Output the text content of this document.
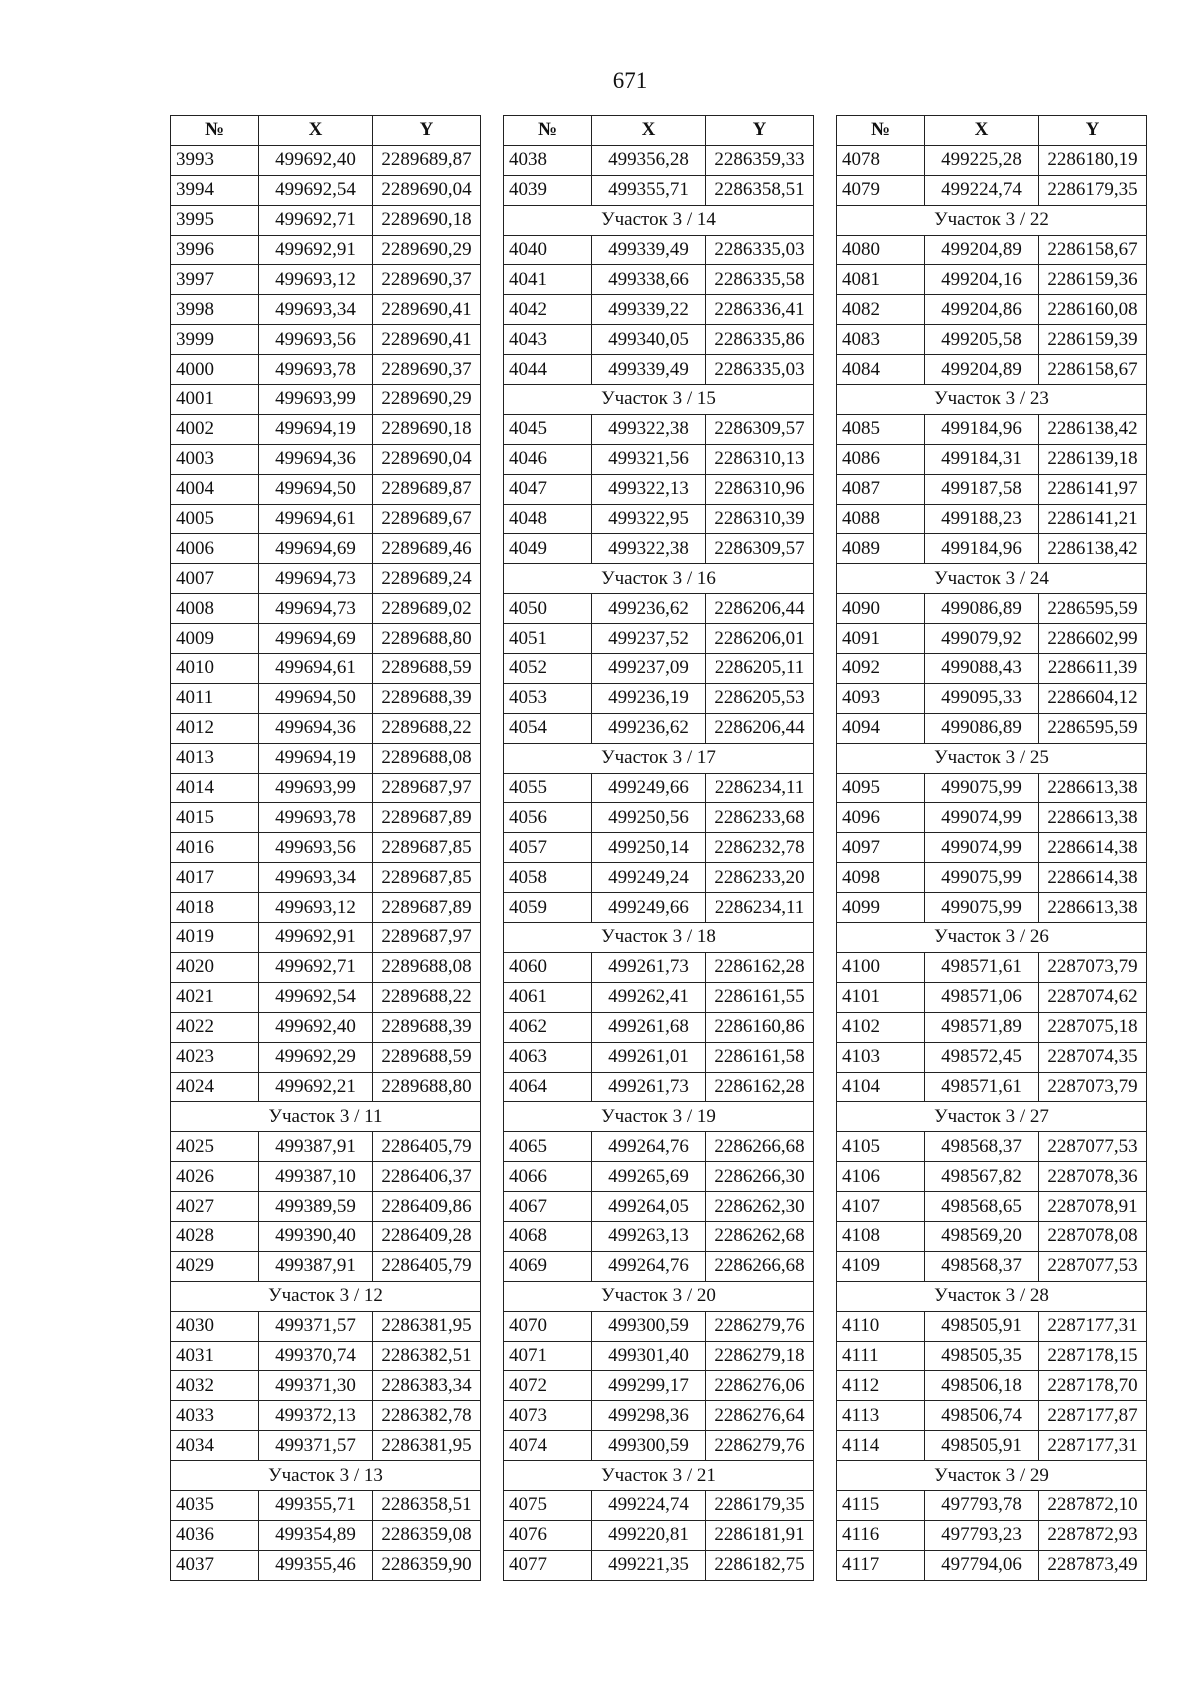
671
№	X	Y
3993	499692,40	2289689,87
3994	499692,54	2289690,04
3995	499692,71	2289690,18
3996	499692,91	2289690,29
3997	499693,12	2289690,37
3998	499693,34	2289690,41
3999	499693,56	2289690,41
4000	499693,78	2289690,37
4001	499693,99	2289690,29
4002	499694,19	2289690,18
4003	499694,36	2289690,04
4004	499694,50	2289689,87
4005	499694,61	2289689,67
4006	499694,69	2289689,46
4007	499694,73	2289689,24
4008	499694,73	2289689,02
4009	499694,69	2289688,80
4010	499694,61	2289688,59
4011	499694,50	2289688,39
4012	499694,36	2289688,22
4013	499694,19	2289688,08
4014	499693,99	2289687,97
4015	499693,78	2289687,89
4016	499693,56	2289687,85
4017	499693,34	2289687,85
4018	499693,12	2289687,89
4019	499692,91	2289687,97
4020	499692,71	2289688,08
4021	499692,54	2289688,22
4022	499692,40	2289688,39
4023	499692,29	2289688,59
4024	499692,21	2289688,80
Участок 3 / 11		
4025	499387,91	2286405,79
4026	499387,10	2286406,37
4027	499389,59	2286409,86
4028	499390,40	2286409,28
4029	499387,91	2286405,79
Участок 3 / 12		
4030	499371,57	2286381,95
4031	499370,74	2286382,51
4032	499371,30	2286383,34
4033	499372,13	2286382,78
4034	499371,57	2286381,95
Участок 3 / 13		
4035	499355,71	2286358,51
4036	499354,89	2286359,08
4037	499355,46	2286359,90
№	X	Y
4038	499356,28	2286359,33
4039	499355,71	2286358,51
Участок 3 / 14		
4040	499339,49	2286335,03
4041	499338,66	2286335,58
4042	499339,22	2286336,41
4043	499340,05	2286335,86
4044	499339,49	2286335,03
Участок 3 / 15		
4045	499322,38	2286309,57
4046	499321,56	2286310,13
4047	499322,13	2286310,96
4048	499322,95	2286310,39
4049	499322,38	2286309,57
Участок 3 / 16		
4050	499236,62	2286206,44
4051	499237,52	2286206,01
4052	499237,09	2286205,11
4053	499236,19	2286205,53
4054	499236,62	2286206,44
Участок 3 / 17		
4055	499249,66	2286234,11
4056	499250,56	2286233,68
4057	499250,14	2286232,78
4058	499249,24	2286233,20
4059	499249,66	2286234,11
Участок 3 / 18		
4060	499261,73	2286162,28
4061	499262,41	2286161,55
4062	499261,68	2286160,86
4063	499261,01	2286161,58
4064	499261,73	2286162,28
Участок 3 / 19		
4065	499264,76	2286266,68
4066	499265,69	2286266,30
4067	499264,05	2286262,30
4068	499263,13	2286262,68
4069	499264,76	2286266,68
Участок 3 / 20		
4070	499300,59	2286279,76
4071	499301,40	2286279,18
4072	499299,17	2286276,06
4073	499298,36	2286276,64
4074	499300,59	2286279,76
Участок 3 / 21		
4075	499224,74	2286179,35
4076	499220,81	2286181,91
4077	499221,35	2286182,75
№	X	Y
4078	499225,28	2286180,19
4079	499224,74	2286179,35
Участок 3 / 22		
4080	499204,89	2286158,67
4081	499204,16	2286159,36
4082	499204,86	2286160,08
4083	499205,58	2286159,39
4084	499204,89	2286158,67
Участок 3 / 23		
4085	499184,96	2286138,42
4086	499184,31	2286139,18
4087	499187,58	2286141,97
4088	499188,23	2286141,21
4089	499184,96	2286138,42
Участок 3 / 24		
4090	499086,89	2286595,59
4091	499079,92	2286602,99
4092	499088,43	2286611,39
4093	499095,33	2286604,12
4094	499086,89	2286595,59
Участок 3 / 25		
4095	499075,99	2286613,38
4096	499074,99	2286613,38
4097	499074,99	2286614,38
4098	499075,99	2286614,38
4099	499075,99	2286613,38
Участок 3 / 26		
4100	498571,61	2287073,79
4101	498571,06	2287074,62
4102	498571,89	2287075,18
4103	498572,45	2287074,35
4104	498571,61	2287073,79
Участок 3 / 27		
4105	498568,37	2287077,53
4106	498567,82	2287078,36
4107	498568,65	2287078,91
4108	498569,20	2287078,08
4109	498568,37	2287077,53
Участок 3 / 28		
4110	498505,91	2287177,31
4111	498505,35	2287178,15
4112	498506,18	2287178,70
4113	498506,74	2287177,87
4114	498505,91	2287177,31
Участок 3 / 29		
4115	497793,78	2287872,10
4116	497793,23	2287872,93
4117	497794,06	2287873,49
